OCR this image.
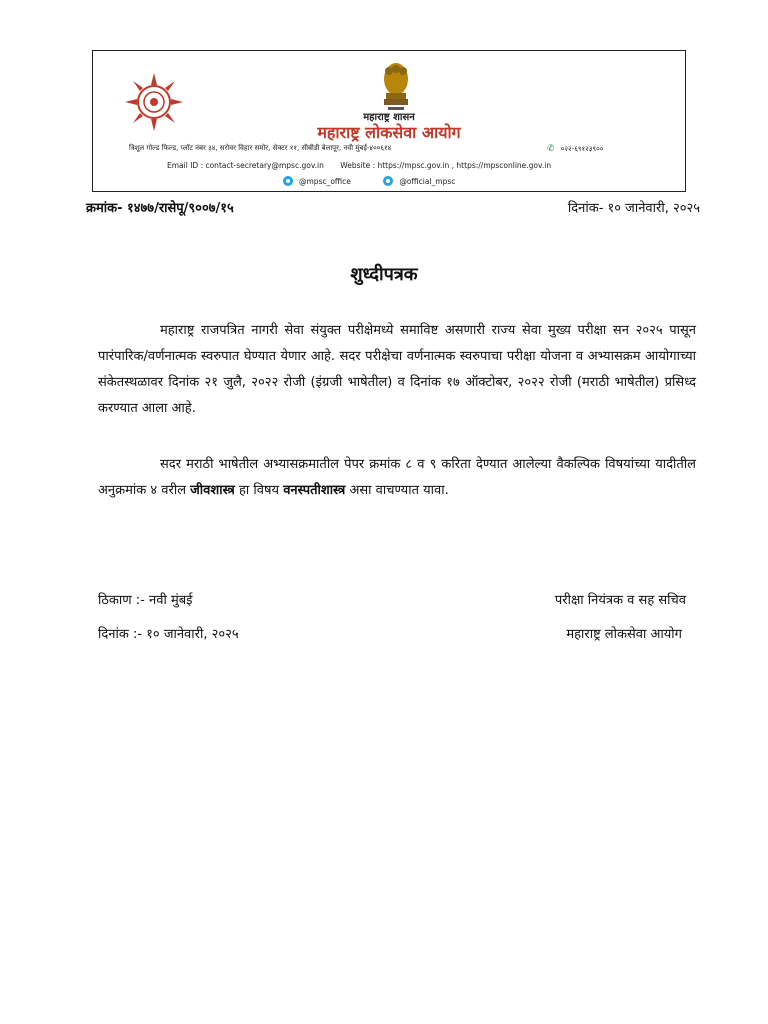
महाराष्ट्र शासन
महाराष्ट्र लोकसेवा आयोग
त्रिशूल गोल्ड फिल्ड, प्लॉट नंबर ३४, सरोवर विहार समोर, सेक्टर ११, सीबीडी बेलापूर, नवी मुंबई-४००६१४	✆ ०२२-६९१२३९००
Email ID : contact-secretary@mpsc.gov.in Website : https://mpsc.gov.in , https://mpsconline.gov.in
@mpsc_office
	@official_mpsc
क्रमांक- १४७७/रासेपू/९००७/१५	दिनांक- १० जानेवारी, २०२५
शुध्दीपत्रक
महाराष्ट्र राजपत्रित नागरी सेवा संयुक्त परीक्षेमध्ये समाविष्ट असणारी राज्य सेवा मुख्य परीक्षा सन २०२५ पासून पारंपारिक/वर्णनात्मक स्वरुपात घेण्यात येणार आहे. सदर परीक्षेचा वर्णनात्मक स्वरुपाचा परीक्षा योजना व अभ्यासक्रम आयोगाच्या संकेतस्थळावर दिनांक २१ जुलै, २०२२ रोजी (इंग्रजी भाषेतील) व दिनांक १७ ऑक्टोबर, २०२२ रोजी (मराठी भाषेतील) प्रसिध्द करण्यात आला आहे.
सदर मराठी भाषेतील अभ्यासक्रमातील पेपर क्रमांक ८ व ९ करिता देण्यात आलेल्या वैकल्पिक विषयांच्या यादीतील अनुक्रमांक ४ वरील जीवशास्त्र हा विषय वनस्पतीशास्त्र असा वाचण्यात यावा.
ठिकाण :- नवी मुंबई
दिनांक :- १० जानेवारी, २०२५
परीक्षा नियंत्रक व सह सचिव
महाराष्ट्र लोकसेवा आयोग
